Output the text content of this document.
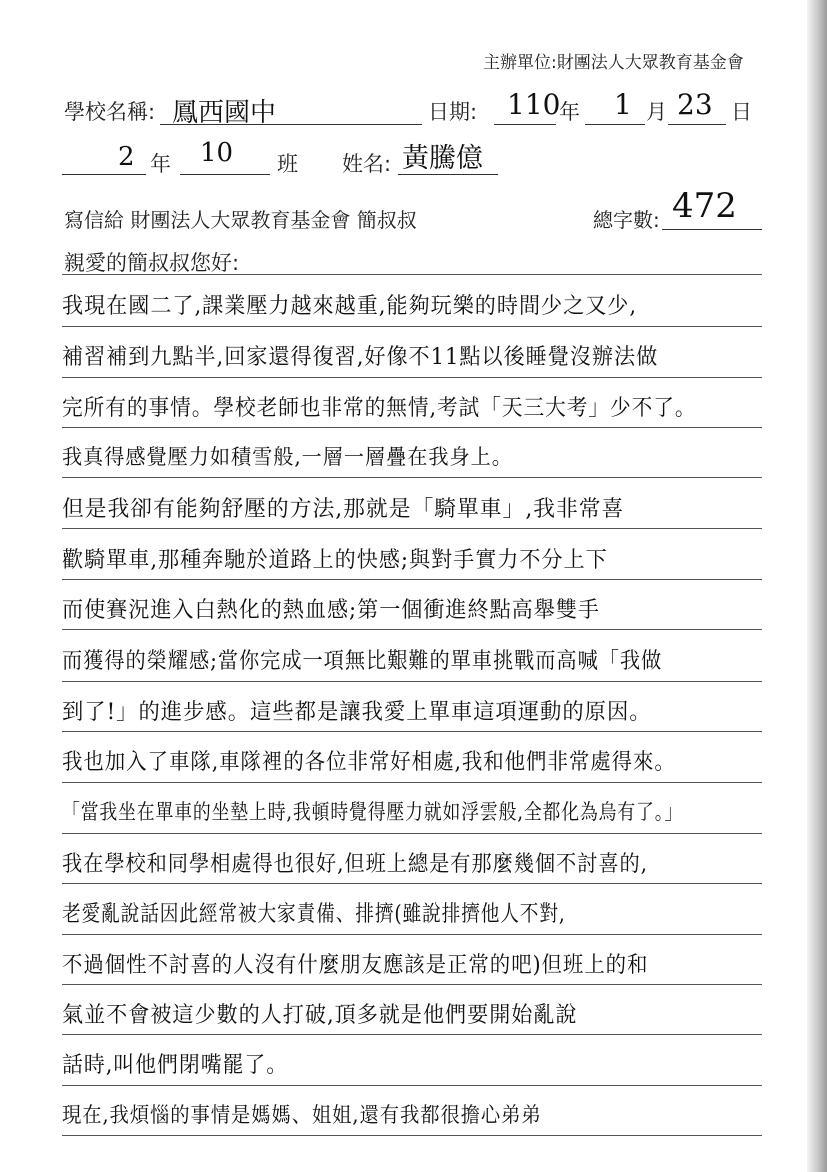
主辦單位:財團法人大眾教育基金會
學校名稱: 鳳西國中	日期: 110
年 1 月 23 日
2 年 10 班 姓名: 黃騰億
寫信給 財團法人大眾教育基金會 簡叔叔	總字數: 472
親愛的簡叔叔您好:
我現在國二了,課業壓力越來越重,能夠玩樂的時間少之又少,
補習補到九點半,回家還得復習,好像不11點以後睡覺沒辦法做
完所有的事情。學校老師也非常的無情,考試「天三大考」少不了。
我真得感覺壓力如積雪般,一層一層疊在我身上。
但是我卻有能夠舒壓的方法,那就是「騎單車」,我非常喜
歡騎單車,那種奔馳於道路上的快感;與對手實力不分上下
而使賽況進入白熱化的熱血感;第一個衝進終點高舉雙手
而獲得的榮耀感;當你完成一項無比艱難的單車挑戰而高喊「我做
到了!」的進步感。這些都是讓我愛上單車這項運動的原因。
我也加入了車隊,車隊裡的各位非常好相處,我和他們非常處得來。
「當我坐在單車的坐墊上時,我頓時覺得壓力就如浮雲般,全都化為烏有了。」
我在學校和同學相處得也很好,但班上總是有那麼幾個不討喜的,
老愛亂說話因此經常被大家責備、排擠(雖說排擠他人不對,
不過個性不討喜的人沒有什麼朋友應該是正常的吧)但班上的和
氣並不會被這少數的人打破,頂多就是他們要開始亂說
話時,叫他們閉嘴罷了。
現在,我煩惱的事情是媽媽、姐姐,還有我都很擔心弟弟
